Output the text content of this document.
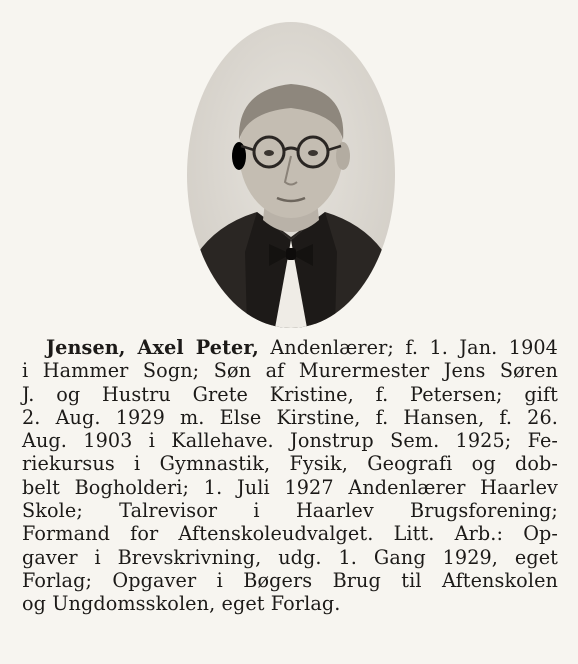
Jensen, Axel Peter, Andenlærer; f. 1. Jan. 1904
i Hammer Sogn; Søn af Murermester Jens Søren
J. og Hustru Grete Kristine, f. Petersen; gift
2. Aug. 1929 m. Else Kirstine, f. Hansen, f. 26.
Aug. 1903 i Kallehave. Jonstrup Sem. 1925; Fe-
riekursus i Gymnastik, Fysik, Geografi og dob-
belt Bogholderi; 1. Juli 1927 Andenlærer Haarlev
Skole; Talrevisor i Haarlev Brugsforening;
Formand for Aftenskoleudvalget. Litt. Arb.: Op-
gaver i Brevskrivning, udg. 1. Gang 1929, eget
Forlag; Opgaver i Bøgers Brug til Aftenskolen
og Ungdomsskolen, eget Forlag.
